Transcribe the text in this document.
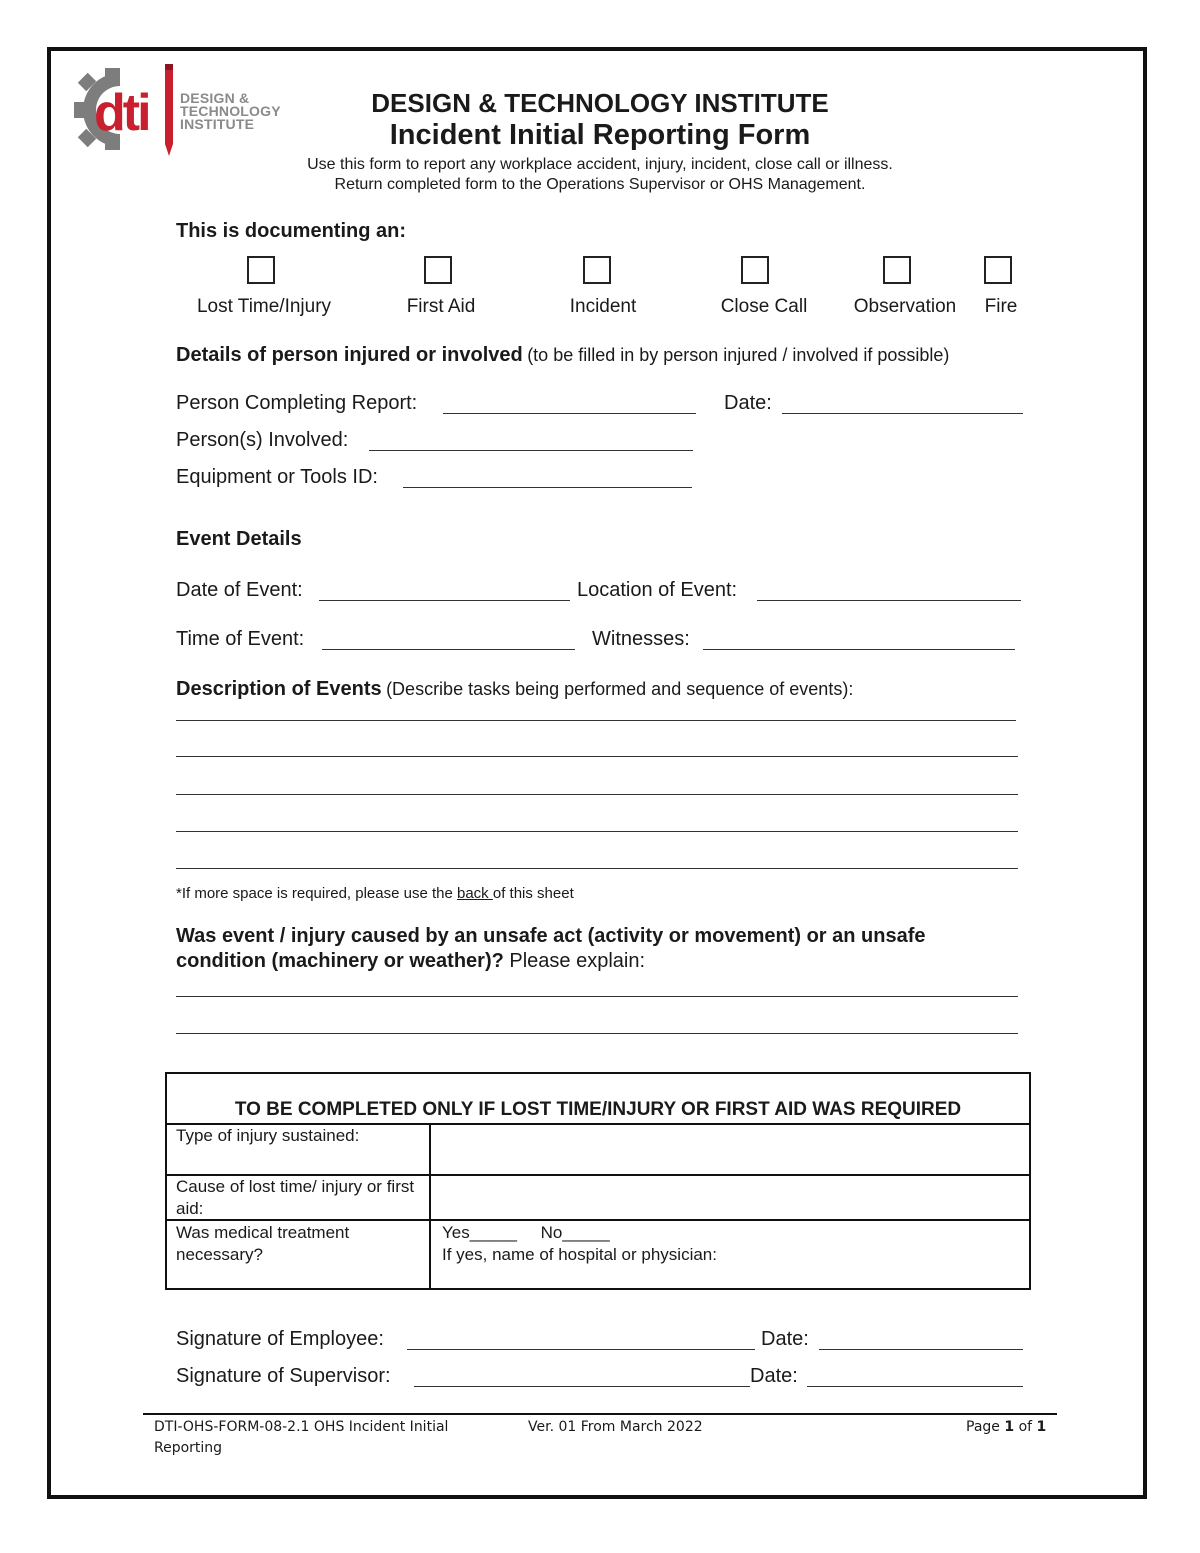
dti DESIGN &
TECHNOLOGY
INSTITUTE
DESIGN & TECHNOLOGY INSTITUTE
Incident Initial Reporting Form
Use this form to report any workplace accident, injury, incident, close call or illness.
Return completed form to the Operations Supervisor or OHS Management.
This is documenting an:
Lost Time/Injury	First Aid	Incident	Close Call Observation Fire
Details of person injured or involved (to be filled in by person injured / involved if possible)
Person Completing Report:	Date:
Person(s) Involved:
Equipment or Tools ID:
Event Details
Date of Event:	Location of Event:
Time of Event:	Witnesses:
Description of Events (Describe tasks being performed and sequence of events):
*If more space is required, please use the back of this sheet
Was event / injury caused by an unsafe act (activity or movement) or an unsafe
condition (machinery or weather)? Please explain:
TO BE COMPLETED ONLY IF LOST TIME/INJURY OR FIRST AID WAS REQUIRED
Type of injury sustained:
Cause of lost time/ injury or first aid:
Was medical treatment necessary?
Yes_____ No_____
If yes, name of hospital or physician:
Signature of Employee:	Date:
Signature of Supervisor:	Date:
DTI-OHS-FORM-08-2.1 OHS Incident Initial
Reporting
Ver. 01 From March 2022	Page 1 of 1
